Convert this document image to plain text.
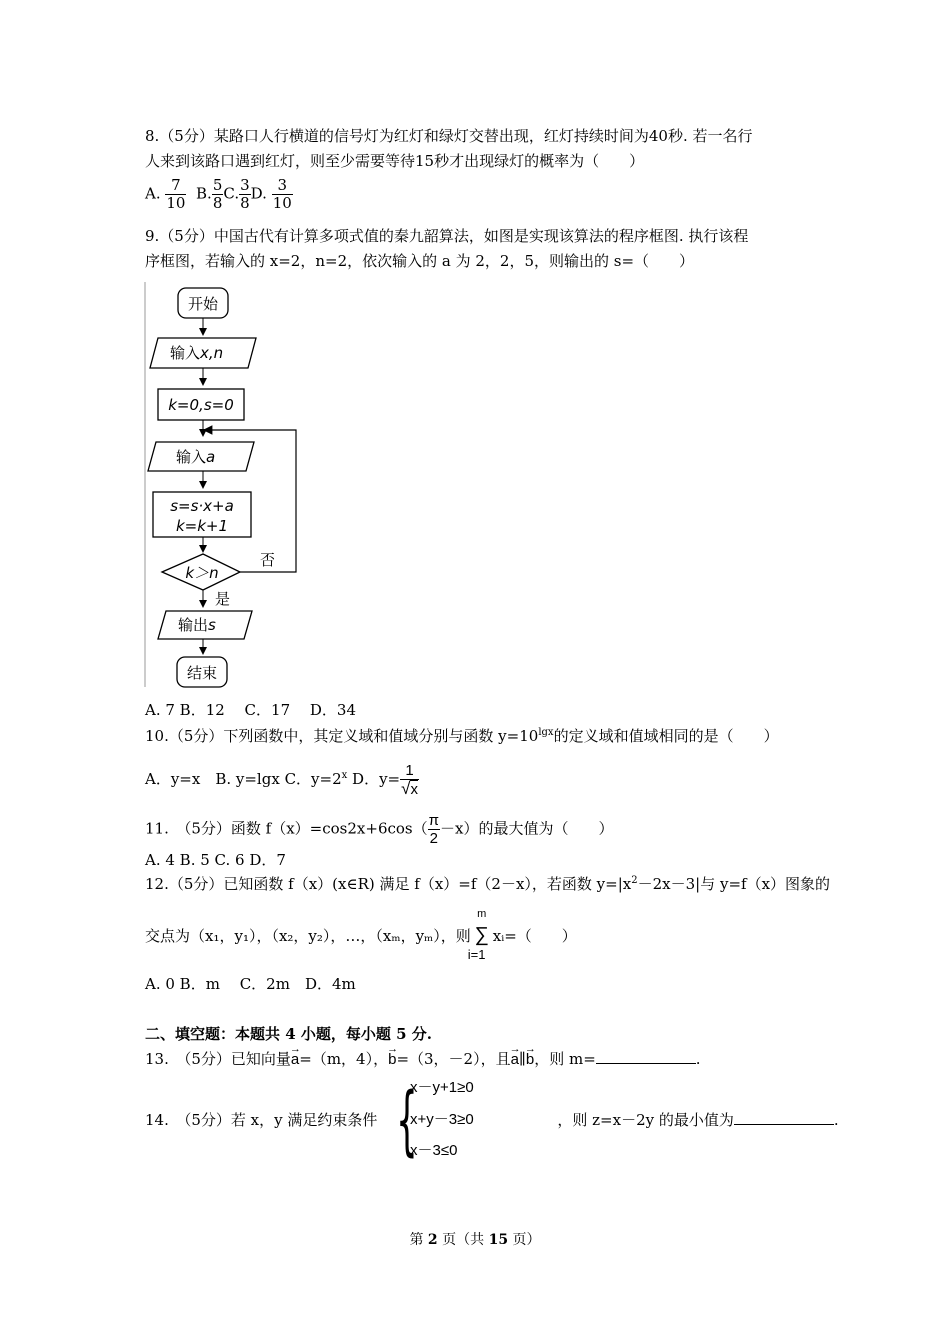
8.（5分）某路口人行横道的信号灯为红灯和绿灯交替出现，红灯持续时间为40秒. 若一名行
人来到该路口遇到红灯，则至少需要等待15秒才出现绿灯的概率为（　　）
A. $\frac{7}{10} B$. $\frac{5}{8} C$. $\frac{3}{8} D$. $\frac{3}{10}$
9.（5分）中国古代有计算多项式值的秦九韶算法，如图是实现该算法的程序框图. 执行该程
序框图，若输入的 x=2，n=2，依次输入的 a 为 2，2，5，则输出的 s=（　　）
开始
输入x,n
k=0,s=0
输入a
s=s·x+a
k=k+1
k＞n
否
是
输出s
结束
A. 7 B．12　 C．17　 D．34
10.（5分）下列函数中，其定义域和值域分别与函数 $y=10^{lgx}$的定义域和值域相同的是（　　）
A．y=x　B. y=lgx C．$y=2^x$ D．$y= \frac{1}{√x}$
11.　（5分）函数 $f(x)=\cos 2x+6\cos( \frac{\pi}{2} -x)$的最大值为（　　）
A. 4 B. 5 C. 6 D．7
12.（5分）已知函数 f（x）(x∈R) 满足 f（x）=f（2－x），若函数 $y=|x^2-2x-3|$与 y=f（x）图象的
交点为（x₁，y₁），（x₂，y₂），…，（xₘ，yₘ），则
m
∑
i=1
xᵢ=（　　）
A. 0 B．m　 C．2m　D．4m
二、填空题：本题共 4 小题，每小题 5 分.
13.　（5分）已知向量→ a=（m，4），→ b=（3，－2），且→ a∥→ b，则 m=	.
14.　（5分）若 x，y 满足约束条件	，则 z=x－2y 的最小值为	.
{
x－y+1≥0
x+y－3≥0
x－3≤0
第 2 页（共 15 页）
